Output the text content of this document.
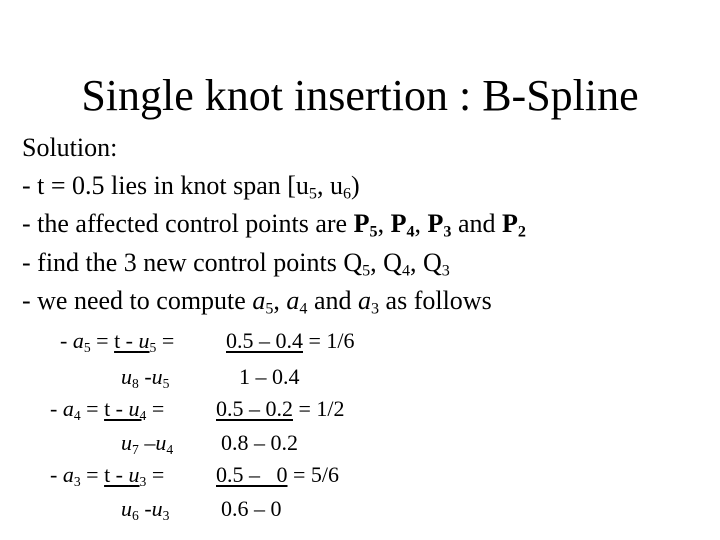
Single knot insertion : B-Spline
Solution:
- t = 0.5 lies in knot span [$u_5$, $u_6$)
- the affected control points are $P_5$, $P_4$, $P_3$ and $P_2$
- find the 3 new control points $Q_5$, $Q_4$, $Q_3$
- we need to compute $a_5$, $a_4$ and $a_3$ as follows
- $a_5 = t - u_5 = 0.5 - 0.4 = 1/6$
$u_8$ $-u_5$	1 – 0.4
- $a_4 = t - u_4 = 0.5 - 0.2 = 1/2$
$u_7$ $-u_4$ 0.8 – 0.2
- $a_3 = t - u_3 = 0.5 - 0 = 5/6$
$u_6$ $-u_3$ 0.6 – 0
